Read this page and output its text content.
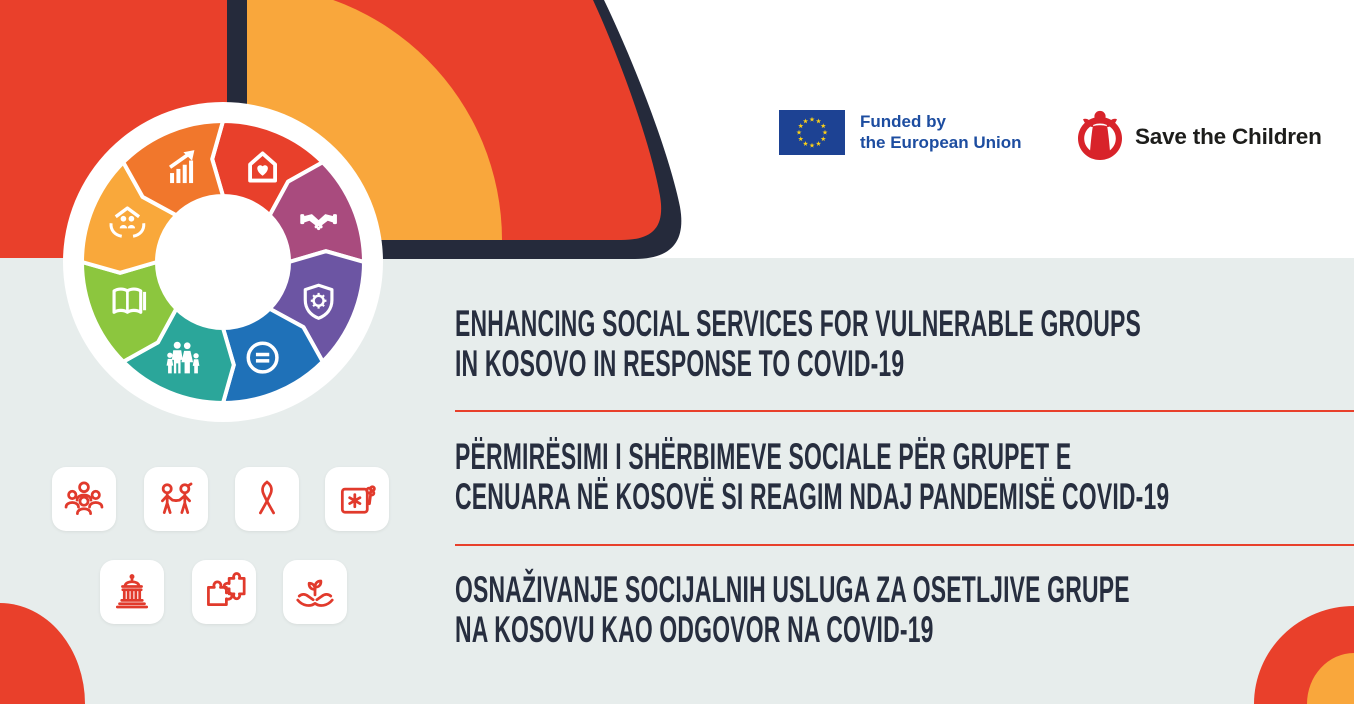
Funded by
the European Union	Save the Children
ENHANCING SOCIAL SERVICES FOR VULNERABLE GROUPS
IN KOSOVO IN RESPONSE TO COVID-19
PËRMIRËSIMI I SHËRBIMEVE SOCIALE PËR GRUPET E
CENUARA NË KOSOVË SI REAGIM NDAJ PANDEMISË COVID-19
OSNAŽIVANJE SOCIJALNIH USLUGA ZA OSETLJIVE GRUPE
NA KOSOVU KAO ODGOVOR NA COVID-19
